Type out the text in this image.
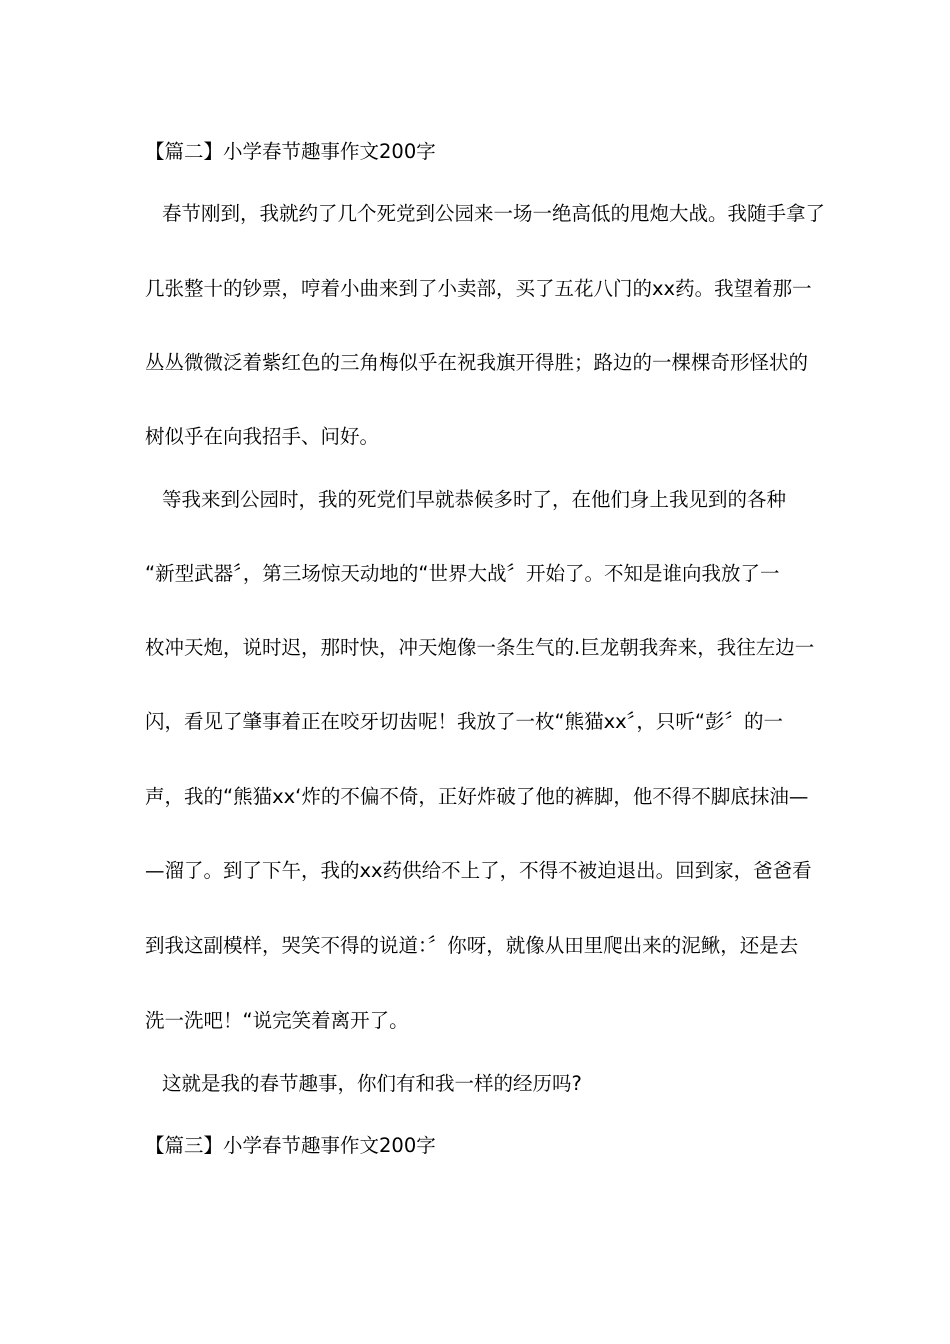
【篇二】小学春节趣事作文200字
春节刚到，我就约了几个死党到公园来一场一绝高低的甩炮大战。我随手拿了
几张整十的钞票，哼着小曲来到了小卖部，买了五花八门的xx药。我望着那一
丛丛微微泛着紫红色的三角梅似乎在祝我旗开得胜；路边的一棵棵奇形怪状的
树似乎在向我招手、问好。
等我来到公园时，我的死党们早就恭候多时了，在他们身上我见到的各种
“新型武器〞，第三场惊天动地的“世界大战〞开始了。不知是谁向我放了一
枚冲天炮，说时迟，那时快，冲天炮像一条生气的.巨龙朝我奔来，我往左边一
闪，看见了肇事着正在咬牙切齿呢！我放了一枚“熊猫xx〞，只听“彭〞的一
声，我的“熊猫xx‘炸的不偏不倚，正好炸破了他的裤脚，他不得不脚底抹油—
—溜了。到了下午，我的xx药供给不上了，不得不被迫退出。回到家，爸爸看
到我这副模样，哭笑不得的说道：〞你呀，就像从田里爬出来的泥鳅，还是去
洗一洗吧！“说完笑着离开了。
这就是我的春节趣事，你们有和我一样的经历吗?
【篇三】小学春节趣事作文200字
